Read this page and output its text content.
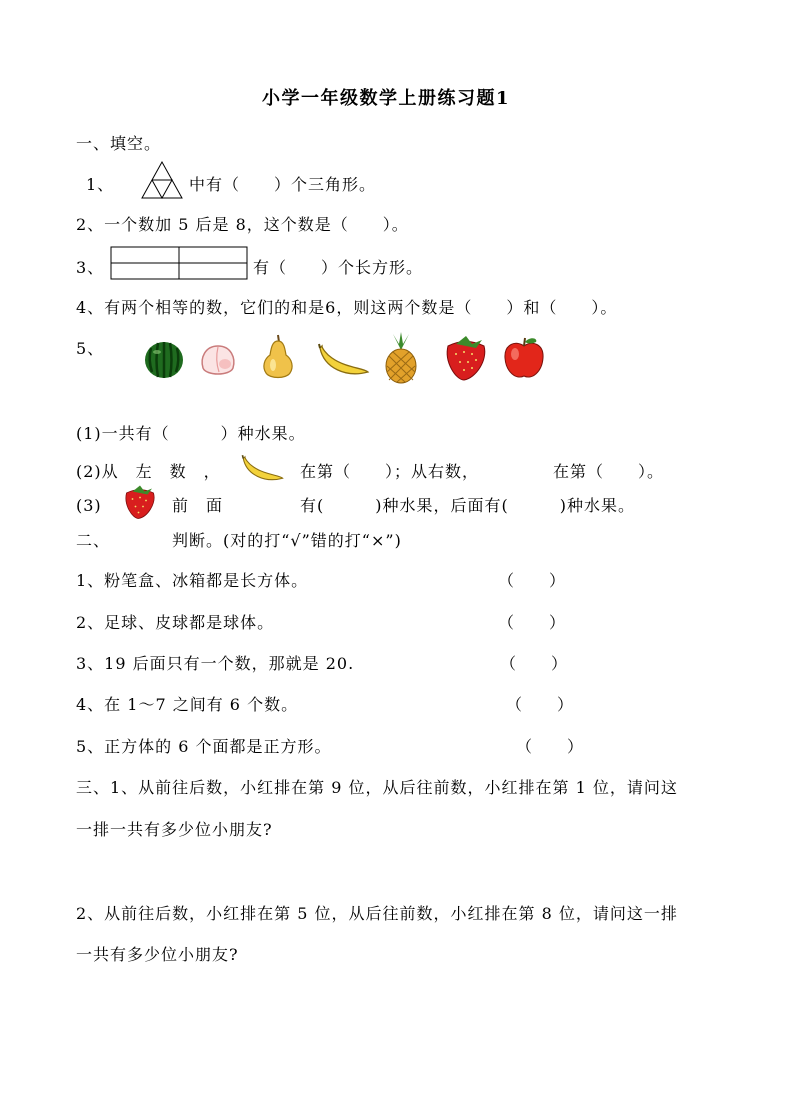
小学一年级数学上册练习题1
一、填空。
1、	中有（　　）个三角形。
2、一个数加 5 后是 8，这个数是（　　）。
3、	有（　　）个长方形。
4、有两个相等的数，它们的和是6，则这两个数是（　　）和（　　）。
5、
(1)一共有（　　　）种水果。
(2)从　左　数　，	在第（　　）；从右数，	在第（　　）。
(3)	前　面	有(　　　)种水果，后面有(　　　)种水果。
二、	判断。(对的打“√”错的打“×”)
1、粉笔盒、冰箱都是长方体。	（　　）
2、足球、皮球都是球体。	（　　）
3、19 后面只有一个数，那就是 20.	（　　）
4、在 1～7 之间有 6 个数。	（　　）
5、正方体的 6 个面都是正方形。	（　　）
三、1、从前往后数，小红排在第 9 位，从后往前数，小红排在第 1 位，请问这
一排一共有多少位小朋友?
2、从前往后数，小红排在第 5 位，从后往前数，小红排在第 8 位，请问这一排
一共有多少位小朋友?
